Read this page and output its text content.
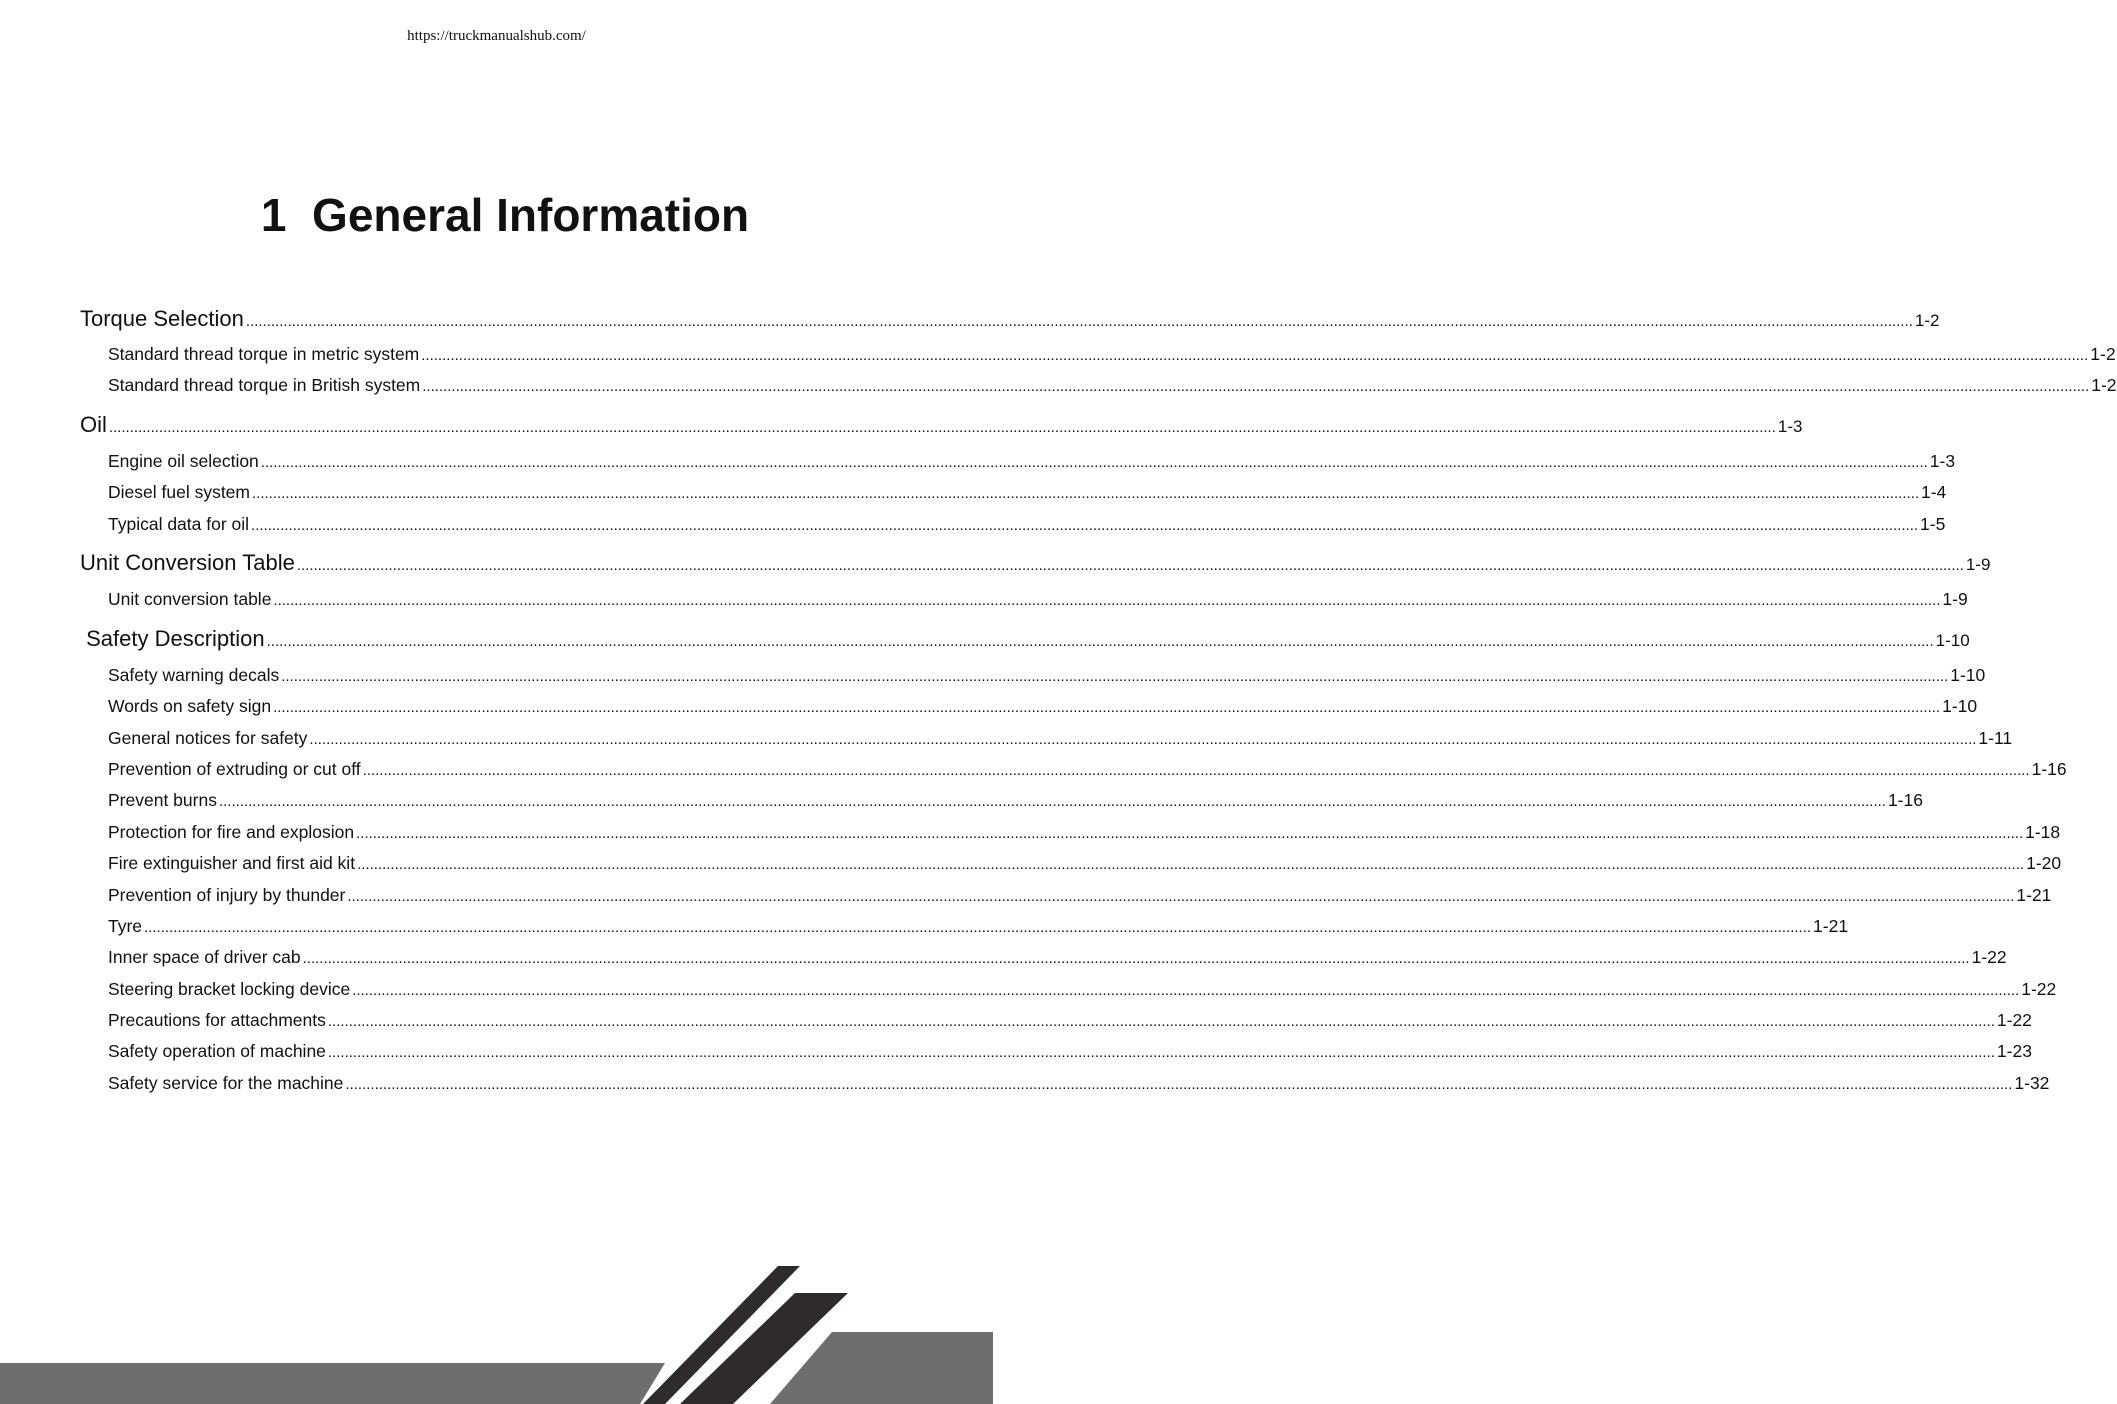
https://truckmanualshub.com/
1  General Information
Torque Selection ................................................................................................................................................................................................................................................................................................................................................................................................................ 1-2
Standard thread torque in metric system ................................................................................................................................................................................................................................................................................................................................................................................................................ 1-2
Standard thread torque in British system ................................................................................................................................................................................................................................................................................................................................................................................................................ 1-2
Oil ................................................................................................................................................................................................................................................................................................................................................................................................................ 1-3
Engine oil selection ................................................................................................................................................................................................................................................................................................................................................................................................................ 1-3
Diesel fuel system ................................................................................................................................................................................................................................................................................................................................................................................................................ 1-4
Typical data for oil ................................................................................................................................................................................................................................................................................................................................................................................................................ 1-5
Unit Conversion Table ................................................................................................................................................................................................................................................................................................................................................................................................................ 1-9
Unit conversion table ................................................................................................................................................................................................................................................................................................................................................................................................................ 1-9
Safety Description ................................................................................................................................................................................................................................................................................................................................................................................................................ 1-10
Safety warning decals ................................................................................................................................................................................................................................................................................................................................................................................................................ 1-10
Words on safety sign ................................................................................................................................................................................................................................................................................................................................................................................................................ 1-10
General notices for safety ................................................................................................................................................................................................................................................................................................................................................................................................................ 1-11
Prevention of extruding or cut off ................................................................................................................................................................................................................................................................................................................................................................................................................ 1-16
Prevent burns ................................................................................................................................................................................................................................................................................................................................................................................................................ 1-16
Protection for fire and explosion ................................................................................................................................................................................................................................................................................................................................................................................................................ 1-18
Fire extinguisher and first aid kit ................................................................................................................................................................................................................................................................................................................................................................................................................ 1-20
Prevention of injury by thunder ................................................................................................................................................................................................................................................................................................................................................................................................................ 1-21
Tyre ................................................................................................................................................................................................................................................................................................................................................................................................................ 1-21
Inner space of driver cab ................................................................................................................................................................................................................................................................................................................................................................................................................ 1-22
Steering bracket locking device ................................................................................................................................................................................................................................................................................................................................................................................................................ 1-22
Precautions for attachments ................................................................................................................................................................................................................................................................................................................................................................................................................ 1-22
Safety operation of machine ................................................................................................................................................................................................................................................................................................................................................................................................................ 1-23
Safety service for the machine ................................................................................................................................................................................................................................................................................................................................................................................................................ 1-32
